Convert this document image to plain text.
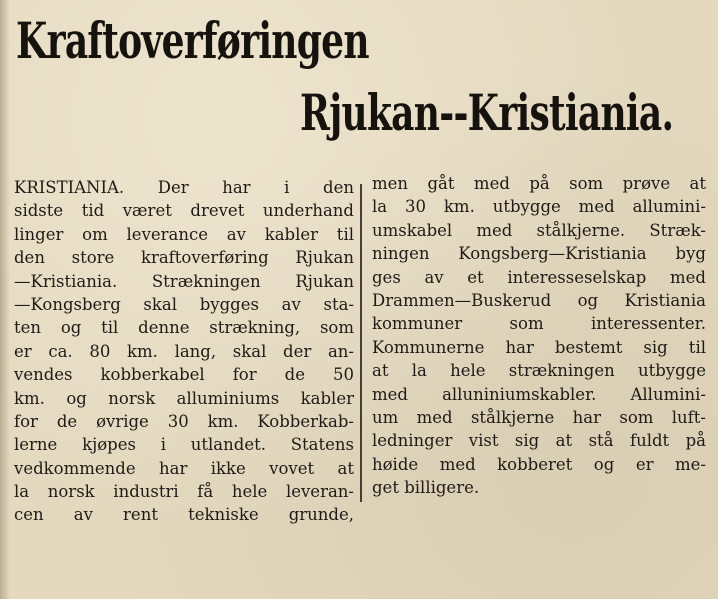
Kraftoverføringen
Rjukan--Kristiania.
KRISTIANIA. Der har i den
sidste tid været drevet underhand
linger om leverance av kabler til
den store kraftoverføring Rjukan
—Kristiania. Strækningen Rjukan
—Kongsberg skal bygges av sta-
ten og til denne strækning, som
er ca. 80 km. lang, skal der an-
vendes kobberkabel for de 50
km. og norsk alluminiums kabler
for de øvrige 30 km. Kobberkab-
lerne kjøpes i utlandet. Statens
vedkommende har ikke vovet at
la norsk industri få hele leveran-
cen av rent tekniske grunde,
men gåt med på som prøve at
la 30 km. utbygge med allumini-
umskabel med stålkjerne. Stræk-
ningen Kongsberg—Kristiania byg
ges av et interesseselskap med
Drammen—Buskerud og Kristiania
kommuner som interessenter.
Kommunerne har bestemt sig til
at la hele strækningen utbygge
med alluniniumskabler. Allumini-
um med stålkjerne har som luft-
ledninger vist sig at stå fuldt på
høide med kobberet og er me-
get billigere.
